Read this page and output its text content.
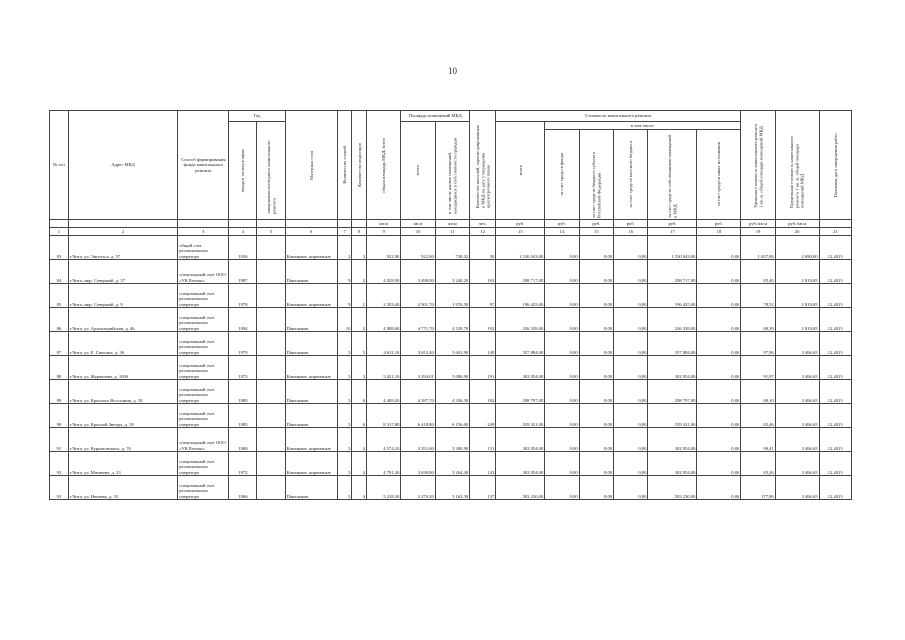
10
№ п/п	Адрес МКД	Способ формирования фонда капитального ремонта	Год		Материал стен	Количество этажей	Количество подъездов	общая площадь МКД, всего	Площадь помещений МКД		Количество жителей, зарегистрированных в МКД на дату утверждения краткосрочного плана	Стоимость капитального ремонта						Удельная стоимость капитального ремонта 1 кв. м. общей площади помещений МКД	Предельная стоимость капитального ремонта 1 кв. м. общей площади помещений МКД	Плановая дата завершения работ

			ввода в эксплуатацию	завершения последнего капитального ремонта					всего	в том числе жилых помещений, находящихся в собственности граждан		всего	в том числе:							

													за счет средств фонда	за счет средств бюджета субъекта Российской Федерации	за счет средств местного бюджета	за счет средств собственников помещений в МКД	за счет средств иных источников			

								кв.м	кв.м	кв.м	чел.	руб.	руб.	руб.	руб.	руб.	руб.	руб./кв.м	руб./кв.м	
1	2	3	4	5	6	7	8	9	10	11	12	13	14	15	16	17	18	19	20	21
83	г.Чита, ул. Энгельса, д. 57	общий счет регионального оператора	1936		Каменные, кирпичные	2	3	922,90	922,90	738,32	30	1 530 043,00	0,00	0,00	0,00	1 530 043,00	0,00	1 657,86	2 690,00	12.2015
84	г.Чита, мкр. Северный, д. 37	специальный счет ООО «УК Регион»	1987		Панельные	9	2	4 028,90	3 498,00	3 240,20	163	298 717,00	0,00	0,00	0,00	298 717,00	0,00	85,40	2 819,05	12.2015
85	г.Чита, мкр. Северный, д. 9	специальный счет регионального оператора	1978		Каменные, кирпичные	9	1	2 503,40	2 501,70	1 976,50	97	196 425,00	0,00	0,00	0,00	196 425,00	0,00	78,52	2 819,05	12.2015
86	г.Чита, ул. Артиллерийская, д. 46	специальный счет регионального оператора	1994		Панельные	10	2	4 908,60	4 771,70	4 529,70	192	326 339,00	0,00	0,00	0,00	326 339,00	0,00	68,39	2 819,05	12.2015
87	г.Чита, ул. Е. Гаюсана, д. 36	специальный счет регионального оператора	1979		Панельные	5	5	4 611,10	3 653,40	3 601,90	149	357 884,00	0,00	0,00	0,00	357 884,00	0,00	97,96	3 466,65	12.2015
88	г.Чита, ул. Журавлева, д. 100б	специальный счет регионального оператора	1973		Каменные, кирпичные	5	3	5 021,10	3 294,01	3 086,90	191	302 954,00	0,00	0,00	0,00	302 954,00	0,00	91,97	3 466,65	12.2015
89	г.Чита, ул. Красного Восстания, д. 18	специальный счет регионального оператора	1980		Панельные	5	6	4 409,20	4 387,70	4 336,30	182	298 797,00	0,00	0,00	0,00	298 797,00	0,00	68,10	3 466,65	12.2015
90	г.Чита, ул. Красной Звезды, д. 39	специальный счет регионального оператора	1985		Панельные	5	6	8 317,80	6 418,80	6 156,60	249	529 321,00	0,00	0,00	0,00	529 321,00	0,00	82,46	3 466,65	12.2015
91	г.Чита, ул. Курнатовского, д. 76	специальный счет ООО «УК Регион»	1968		Каменные, кирпичные	5	4	4 574,10	3 351,00	3 300,90	131	302 954,00	0,00	0,00	0,00	302 954,00	0,00	90,41	3 466,65	12.2015
92	г.Чита, ул. Матвеева, д. 23	специальный счет регионального оператора	1972		Каменные, кирпичные	5	4	4 791,20	3 638,80	3 264,40	143	302 954,00	0,00	0,00	0,00	302 954,00	0,00	83,26	3 466,65	12.2015
93	г.Чита, ул. Нечаева, д. 33	специальный счет регионального оператора	1966		Панельные	5	4	5 218,30	3 279,20	3 163,30	137	583 230,00	0,00	0,00	0,00	583 230,00	0,00	177,86	3 466,65	12.2015
